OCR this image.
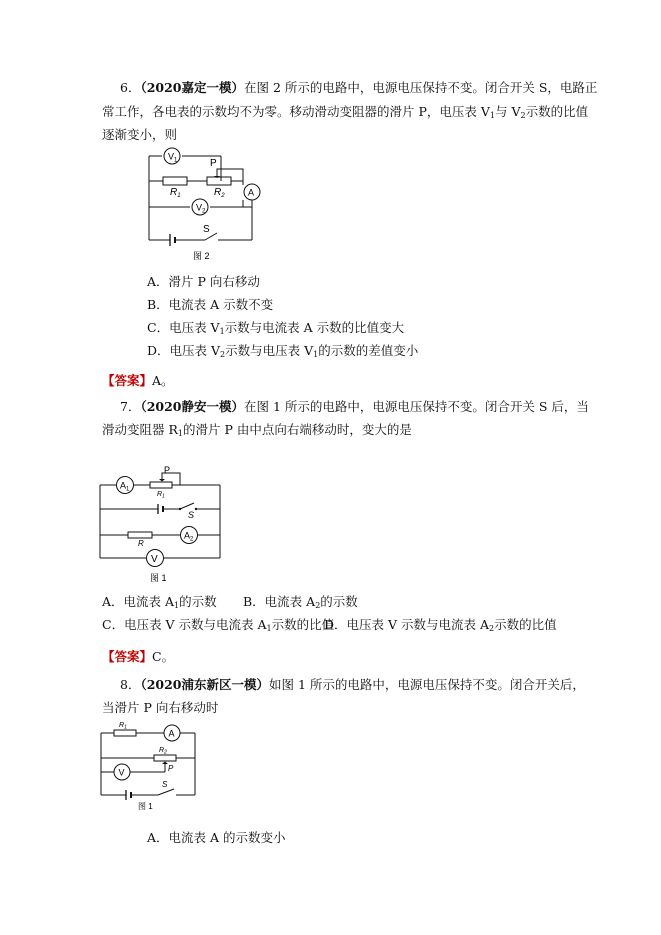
6．（2020嘉定一模）在图 2 所示的电路中，电源电压保持不变。闭合开关 S，电路正
常工作，各电表的示数均不为零。移动滑动变阻器的滑片 P，电压表 $V_1$与 $V_2$示数的比值
逐渐变小，则
$V_1$
A
$V_2$
P
$R_1$	$R_2$
S
图 2
A．滑片 P 向右移动
B．电流表 A 示数不变
C．电压表 $V_1$示数与电流表 A 示数的比值变大
D．电压表 $V_2$示数与电压表 $V_1$的示数的差值变小
【答案】A。
7．（2020静安一模）在图 1 所示的电路中，电源电压保持不变。闭合开关 S 后，当
滑动变阻器 $R_1$的滑片 P 由中点向右端移动时，变大的是
$A_1$
$A_2$
V
P
$R_1$
S
R
图 1
A．电流表 $A_1$的示数 B．电流表 $A_2$的示数
C．电压表 V 示数与电流表 $A_1$示数的比值
D．电压表 V 示数与电流表 $A_2$示数的比值
【答案】C。
8．（2020浦东新区一模）如图 1 所示的电路中，电源电压保持不变。闭合开关后，
当滑片 P 向右移动时
A
V
$R_1$
$R_2$
P
S
图 1
A．电流表 A 的示数变小
